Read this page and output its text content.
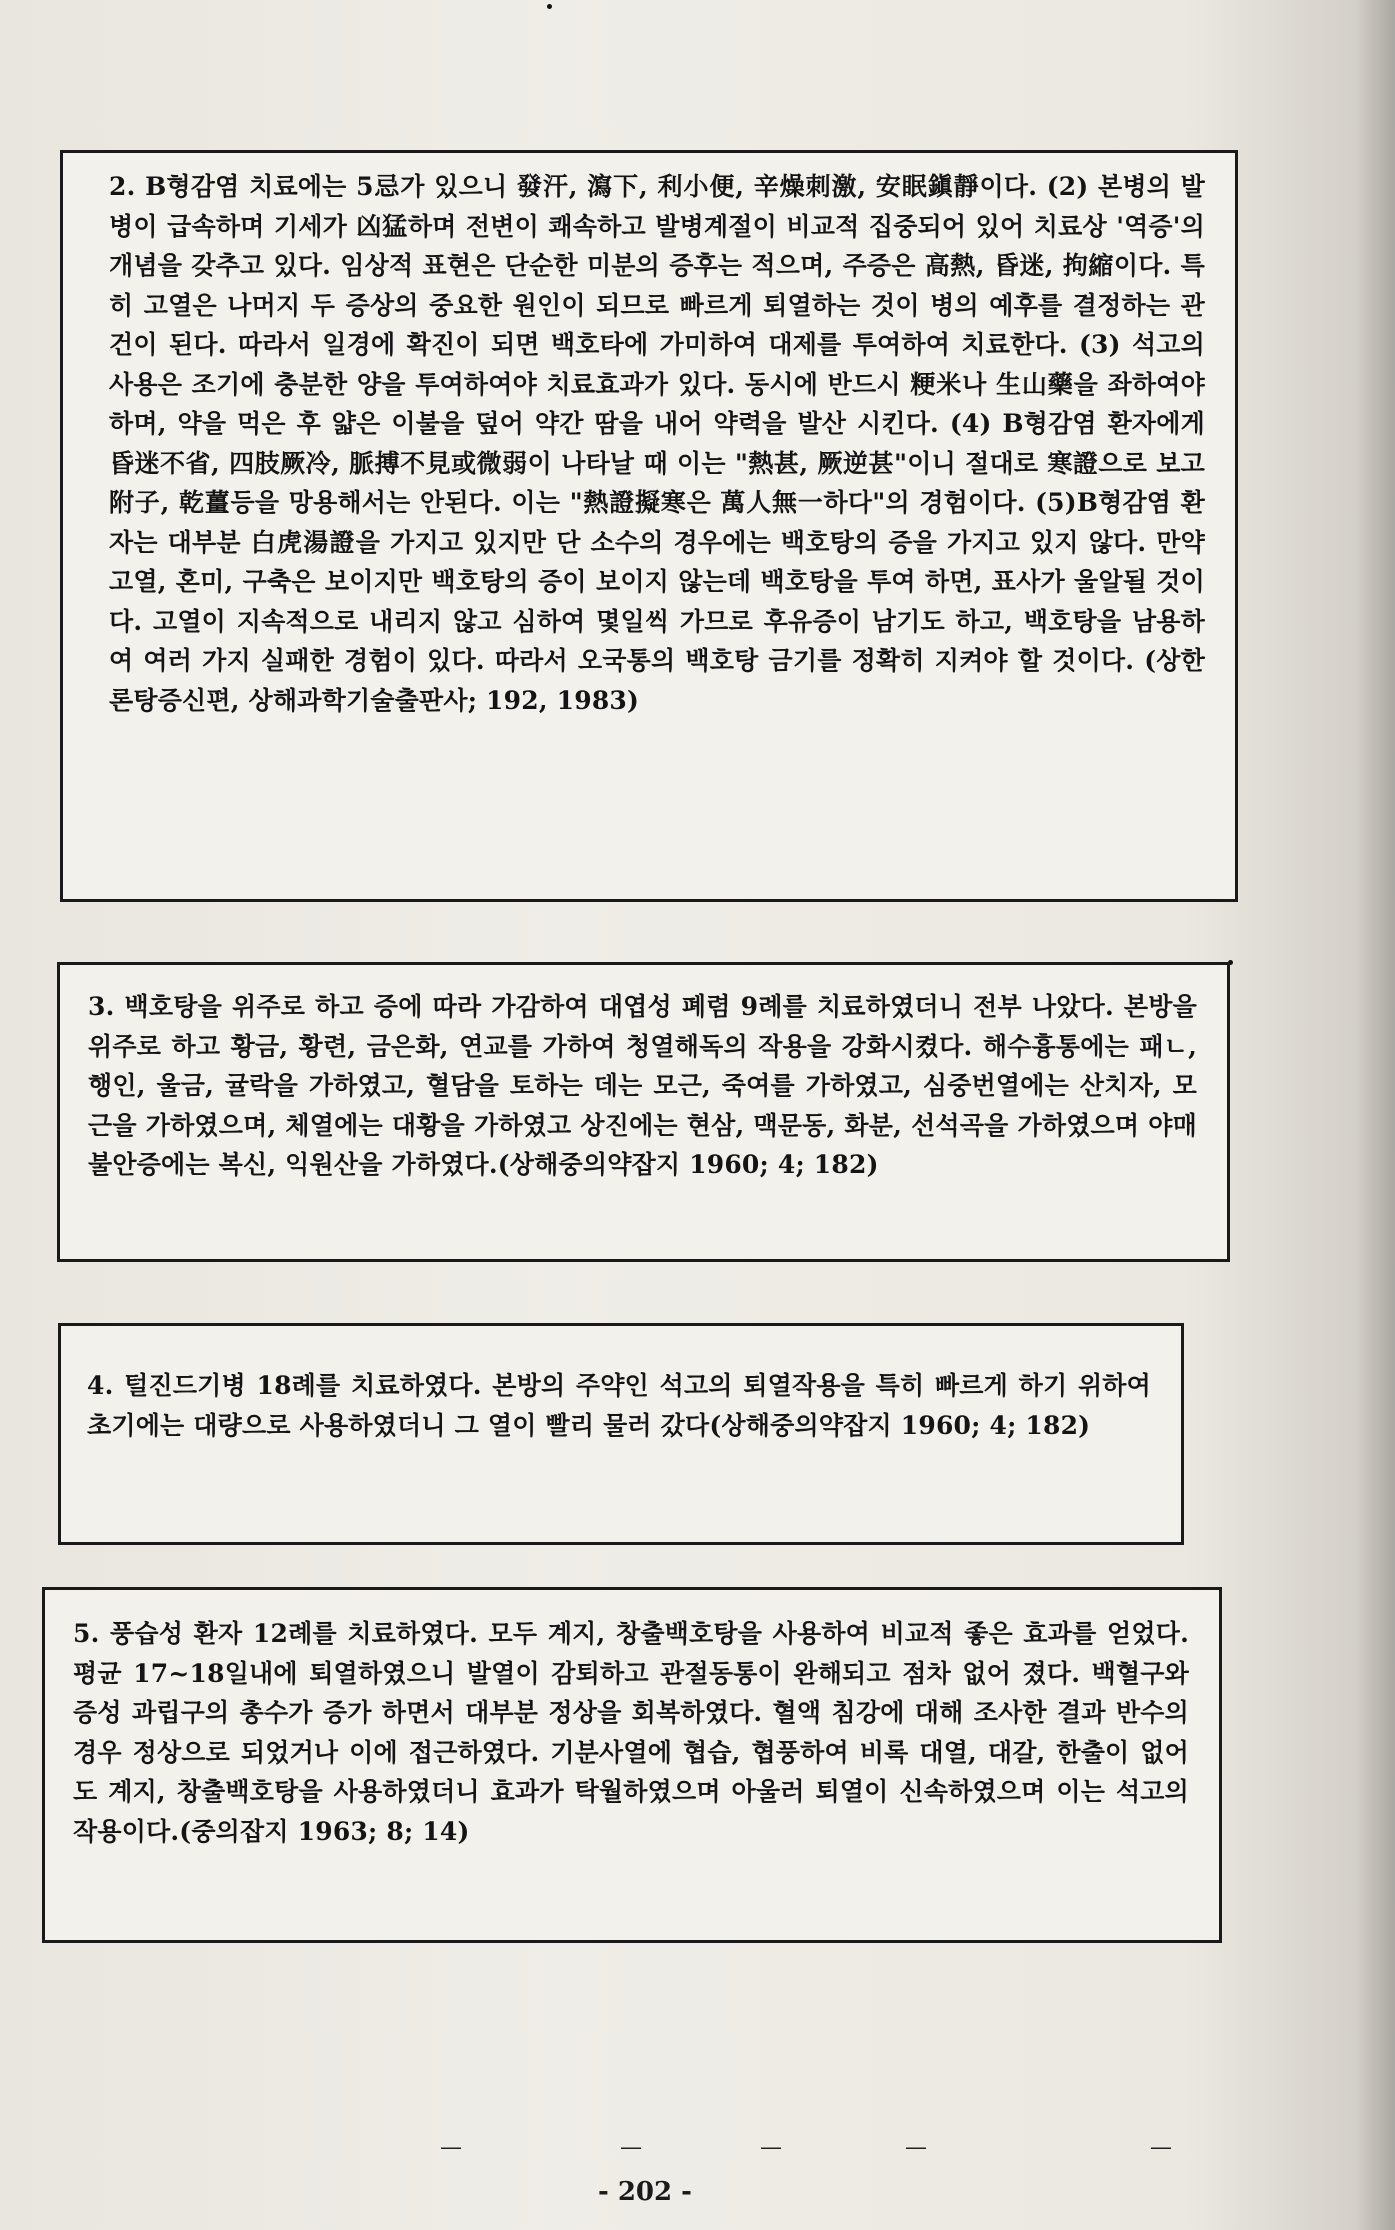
2. B형감염 치료에는 5忌가 있으니 發汗, 瀉下, 利小便, 辛燥刺激, 安眠鎭靜이다. (2) 본병의 발병이 급속하며 기세가 凶猛하며 전변이 쾌속하고 발병계절이 비교적 집중되어 있어 치료상 '역증'의 개념을 갖추고 있다. 임상적 표현은 단순한 미분의 증후는 적으며, 주증은 高熱, 昏迷, 拘縮이다. 특히 고열은 나머지 두 증상의 중요한 원인이 되므로 빠르게 퇴열하는 것이 병의 예후를 결정하는 관건이 된다. 따라서 일경에 확진이 되면 백호타에 가미하여 대제를 투여하여 치료한다. (3) 석고의 사용은 조기에 충분한 양을 투여하여야 치료효과가 있다. 동시에 반드시 粳米나 生山藥을 좌하여야 하며, 약을 먹은 후 얇은 이불을 덮어 약간 땀을 내어 약력을 발산 시킨다. (4) B형감염 환자에게 昏迷不省, 四肢厥冷, 脈搏不見或微弱이 나타날 때 이는 "熱甚, 厥逆甚"이니 절대로 寒證으로 보고 附子, 乾薑등을 망용해서는 안된다. 이는 "熱證擬寒은 萬人無一하다"의 경험이다. (5)B형감염 환자는 대부분 白虎湯證을 가지고 있지만 단 소수의 경우에는 백호탕의 증을 가지고 있지 않다. 만약 고열, 혼미, 구축은 보이지만 백호탕의 증이 보이지 않는데 백호탕을 투여 하면, 표사가 울알될 것이다. 고열이 지속적으로 내리지 않고 심하여 몇일씩 가므로 후유증이 남기도 하고, 백호탕을 남용하여 여러 가지 실패한 경험이 있다. 따라서 오국통의 백호탕 금기를 정확히 지켜야 할 것이다. (상한론탕증신편, 상해과학기술출판사; 192, 1983)

3. 백호탕을 위주로 하고 증에 따라 가감하여 대엽성 폐렴 9례를 치료하였더니 전부 나았다. 본방을 위주로 하고 황금, 황련, 금은화, 연교를 가하여 청열해독의 작용을 강화시켰다. 해수흉통에는 패ㄴ, 행인, 울금, 귤락을 가하였고, 혈담을 토하는 데는 모근, 죽여를 가하였고, 심중번열에는 산치자, 모근을 가하였으며, 체열에는 대황을 가하였고 상진에는 현삼, 맥문동, 화분, 선석곡을 가하였으며 야매불안증에는 복신, 익원산을 가하였다.(상해중의약잡지 1960; 4; 182)

4. 털진드기병 18례를 치료하였다. 본방의 주약인 석고의 퇴열작용을 특히 빠르게 하기 위하여 초기에는 대량으로 사용하였더니 그 열이 빨리 물러 갔다(상해중의약잡지 1960; 4; 182)

5. 풍습성 환자 12례를 치료하였다. 모두 계지, 창출백호탕을 사용하여 비교적 좋은 효과를 얻었다. 평균 17~18일내에 퇴열하였으니 발열이 감퇴하고 관절동통이 완해되고 점차 없어 졌다. 백혈구와 증성 과립구의 총수가 증가 하면서 대부분 정상을 회복하였다. 혈액 침강에 대해 조사한 결과 반수의 경우 정상으로 되었거나 이에 접근하였다. 기분사열에 협습, 협풍하여 비록 대열, 대갈, 한출이 없어도 계지, 창출백호탕을 사용하였더니 효과가 탁월하였으며 아울러 퇴열이 신속하였으며 이는 석고의 작용이다.(중의잡지 1963; 8; 14)

—	—	—	—	—
- 202 -
